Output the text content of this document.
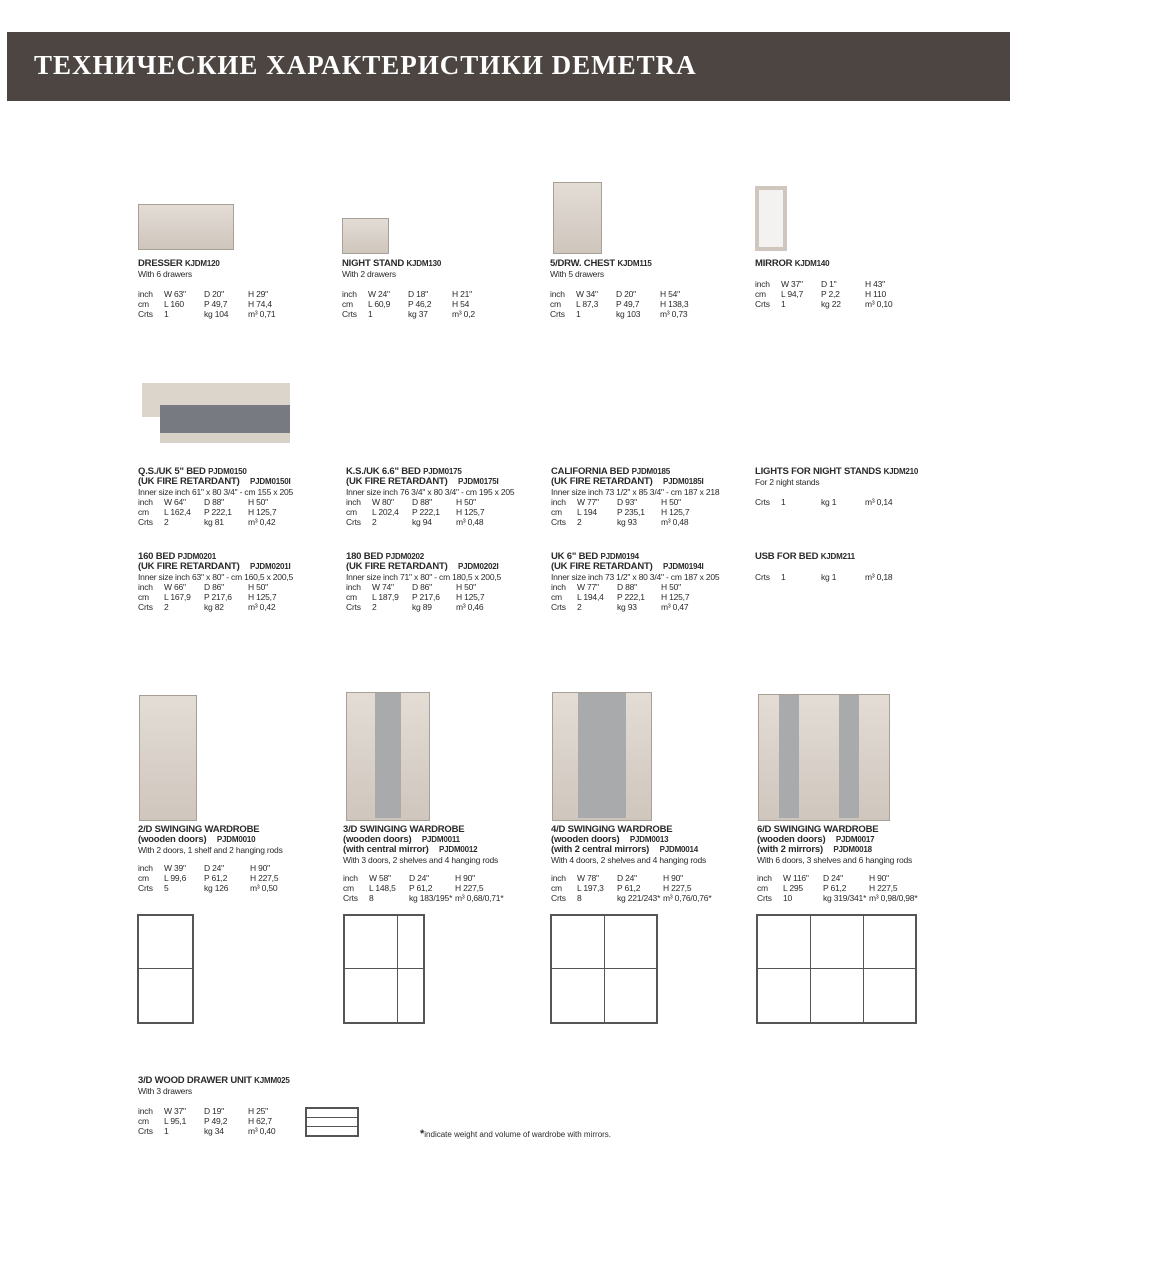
ТЕХНИЧЕСКИЕ ХАРАКТЕРИСТИКИ DEMETRA
DRESSER KJDM120
With 6 drawers
inch	W 63"	D 20"	H 29"
cm	L 160	P 49,7	H 74,4
Crts	1	kg 104	m³ 0,71
NIGHT STAND KJDM130
With 2 drawers
inch	W 24"	D 18"	H 21"
cm	L 60,9	P 46,2	H 54
Crts	1	kg 37	m³ 0,2
5/DRW. CHEST KJDM115
With 5 drawers
inch	W 34"	D 20"	H 54"
cm	L 87,3	P 49,7	H 138,3
Crts	1	kg 103	m³ 0,73
MIRROR KJDM140
inch	W 37"	D 1"	H 43"
cm	L 94,7	P 2,2	H 110
Crts	1	kg 22	m³ 0,10
Q.S./UK 5" BED PJDM0150
(UK FIRE RETARDANT) PJDM0150I
Inner size inch 61" x 80 3/4" - cm 155 x 205
inch	W 64"	D 88"	H 50"
cm	L 162,4	P 222,1	H 125,7
Crts	2	kg 81	m³ 0,42
K.S./UK 6.6" BED PJDM0175
(UK FIRE RETARDANT) PJDM0175I
Inner size inch 76 3/4" x 80 3/4" - cm 195 x 205
inch	W 80"	D 88"	H 50"
cm	L 202,4	P 222,1	H 125,7
Crts	2	kg 94	m³ 0,48
CALIFORNIA BED PJDM0185
(UK FIRE RETARDANT) PJDM0185I
Inner size inch 73 1/2" x 85 3/4" - cm 187 x 218
inch	W 77"	D 93"	H 50"
cm	L 194	P 235,1	H 125,7
Crts	2	kg 93	m³ 0,48
LIGHTS FOR NIGHT STANDS KJDM210
For 2 night stands
Crts	1	kg 1	m³ 0,14
160 BED PJDM0201
(UK FIRE RETARDANT) PJDM0201I
Inner size inch 63" x 80" - cm 160,5 x 200,5
inch	W 66"	D 86"	H 50"
cm	L 167,9	P 217,6	H 125,7
Crts	2	kg 82	m³ 0,42
180 BED PJDM0202
(UK FIRE RETARDANT) PJDM0202I
Inner size inch 71" x 80" - cm 180,5 x 200,5
inch	W 74"	D 86"	H 50"
cm	L 187,9	P 217,6	H 125,7
Crts	2	kg 89	m³ 0,46
UK 6" BED PJDM0194
(UK FIRE RETARDANT) PJDM0194I
Inner size inch 73 1/2" x 80 3/4" - cm 187 x 205
inch	W 77"	D 88"	H 50"
cm	L 194,4	P 222,1	H 125,7
Crts	2	kg 93	m³ 0,47
USB FOR BED KJDM211
Crts	1	kg 1	m³ 0,18
2/D SWINGING WARDROBE
(wooden doors) PJDM0010
With 2 doors, 1 shelf and 2 hanging rods
inch	W 39"	D 24"	H 90"
cm	L 99,6	P 61,2	H 227,5
Crts	5	kg 126	m³ 0,50
3/D SWINGING WARDROBE
(wooden doors) PJDM0011
(with central mirror) PJDM0012
With 3 doors, 2 shelves and 4 hanging rods
inch	W 58"	D 24"	H 90"
cm	L 148,5	P 61,2	H 227,5
Crts	8	kg 183/195* m³ 0,68/0,71*
4/D SWINGING WARDROBE
(wooden doors) PJDM0013
(with 2 central mirrors) PJDM0014
With 4 doors, 2 shelves and 4 hanging rods
inch	W 78"	D 24"	H 90"
cm	L 197,3	P 61,2	H 227,5
Crts	8	kg 221/243* m³ 0,76/0,76*
6/D SWINGING WARDROBE
(wooden doors) PJDM0017
(with 2 mirrors) PJDM0018
With 6 doors, 3 shelves and 6 hanging rods
inch	W 116"	D 24"	H 90"
cm	L 295	P 61,2	H 227,5
Crts	10	kg 319/341* m³ 0,98/0,98*
3/D WOOD DRAWER UNIT KJMM025
With 3 drawers
inch	W 37"	D 19"	H 25"
cm	L 95,1	P 49,2	H 62,7
Crts	1	kg 34	m³ 0,40	*indicate weight and volume of wardrobe with mirrors.
